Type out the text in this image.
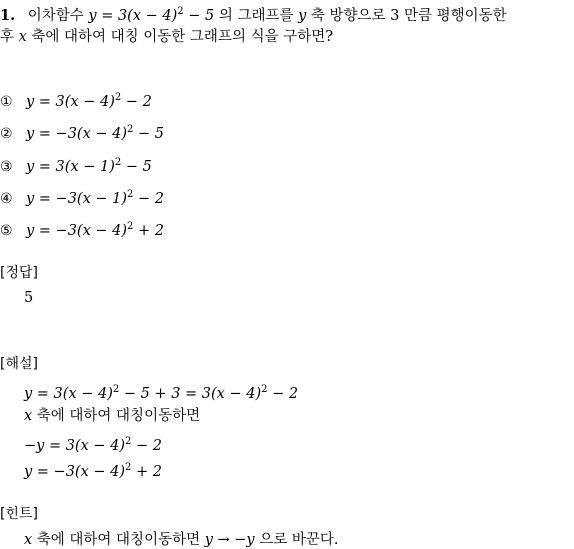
1. 이차함수 $y = 3(x - 4)^2 - 5$ 의 그래프를 y 축 방향으로 3 만큼 평행이동한
후 x 축에 대하여 대칭 이동한 그래프의 식을 구하면?
① $y = 3(x - 4)^2 - 2$
② $y = -3(x - 4)^2 - 5$
③ $y = 3(x - 1)^2 - 5$
④ $y = -3(x - 1)^2 - 2$
⑤ $y = -3(x - 4)^2 + 2$
[정답]
5
[해설]
$y = 3(x - 4)^2 - 5 + 3 = 3(x - 4)^2 - 2$
x 축에 대하여 대칭이동하면
$-y = 3(x - 4)^2 - 2$
$y = -3(x - 4)^2 + 2$
[힌트]
x 축에 대하여 대칭이동하면 y → −y 으로 바꾼다.
